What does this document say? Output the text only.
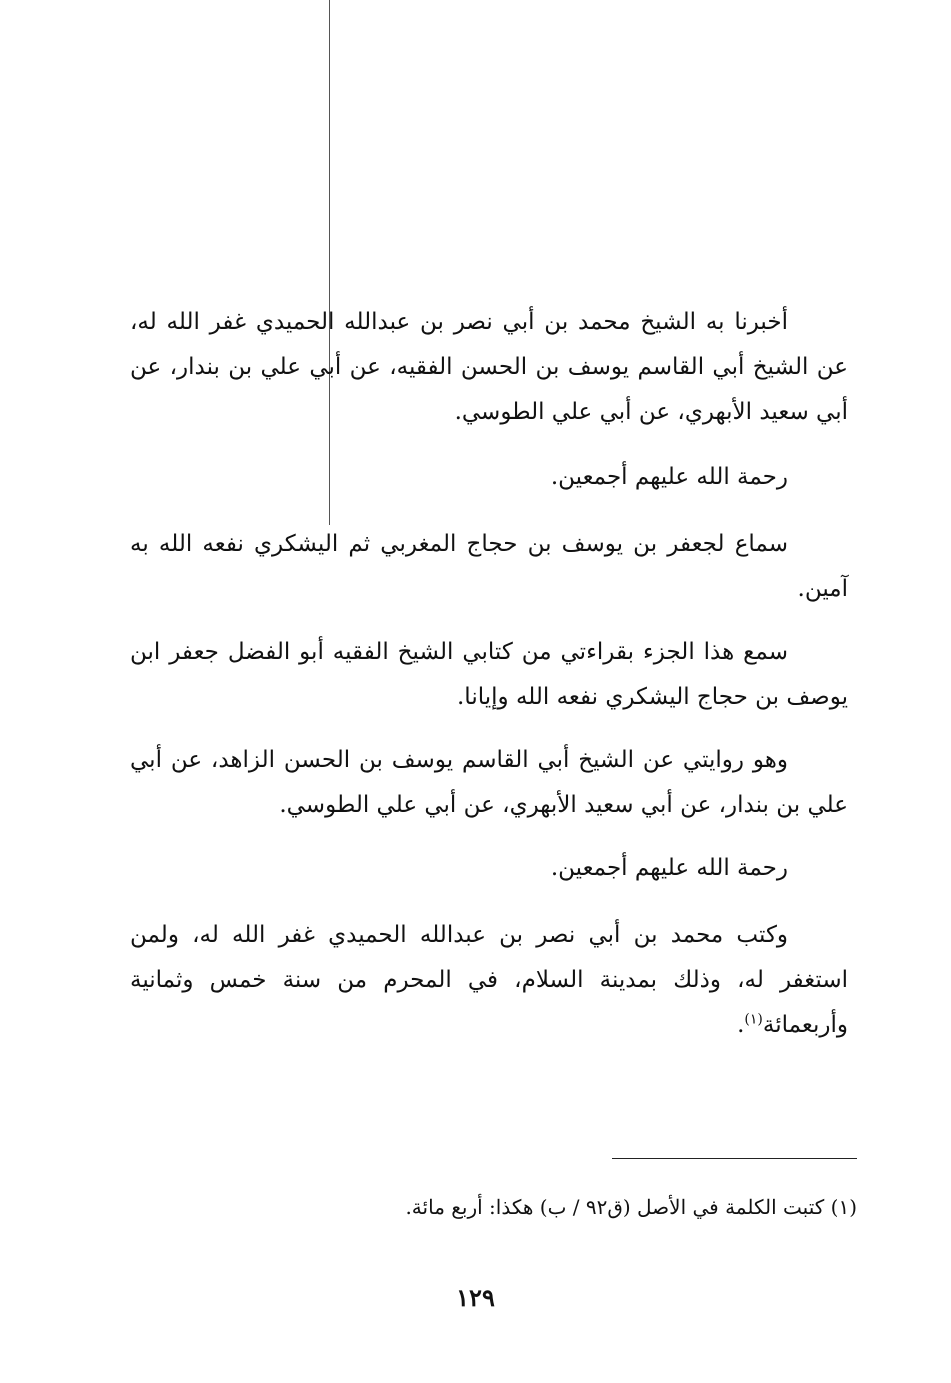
أخبرنا به الشيخ محمد بن أبي نصر بن عبدالله الحميدي غفر الله له، عن الشيخ أبي القاسم يوسف بن الحسن الفقيه، عن أبي علي بن بندار، عن أبي سعيد الأبهري، عن أبي علي الطوسي.

رحمة الله عليهم أجمعين.

سماع لجعفر بن يوسف بن حجاج المغربي ثم اليشكري نفعه الله به آمين.

سمع هذا الجزء بقراءتي من كتابي الشيخ الفقيه أبو الفضل جعفر ابن يوصف بن حجاج اليشكري نفعه الله وإيانا.

وهو روايتي عن الشيخ أبي القاسم يوسف بن الحسن الزاهد، عن أبي علي بن بندار، عن أبي سعيد الأبهري، عن أبي علي الطوسي.

رحمة الله عليهم أجمعين.

وكتب محمد بن أبي نصر بن عبدالله الحميدي غفر الله له، ولمن استغفر له، وذلك بمدينة السلام، في المحرم من سنة خمس وثمانية وأربعمائة$^{(١)}$.

(١) كتبت الكلمة في الأصل (ق٩٢ / ب) هكذا: أربع مائة.
١٢٩
